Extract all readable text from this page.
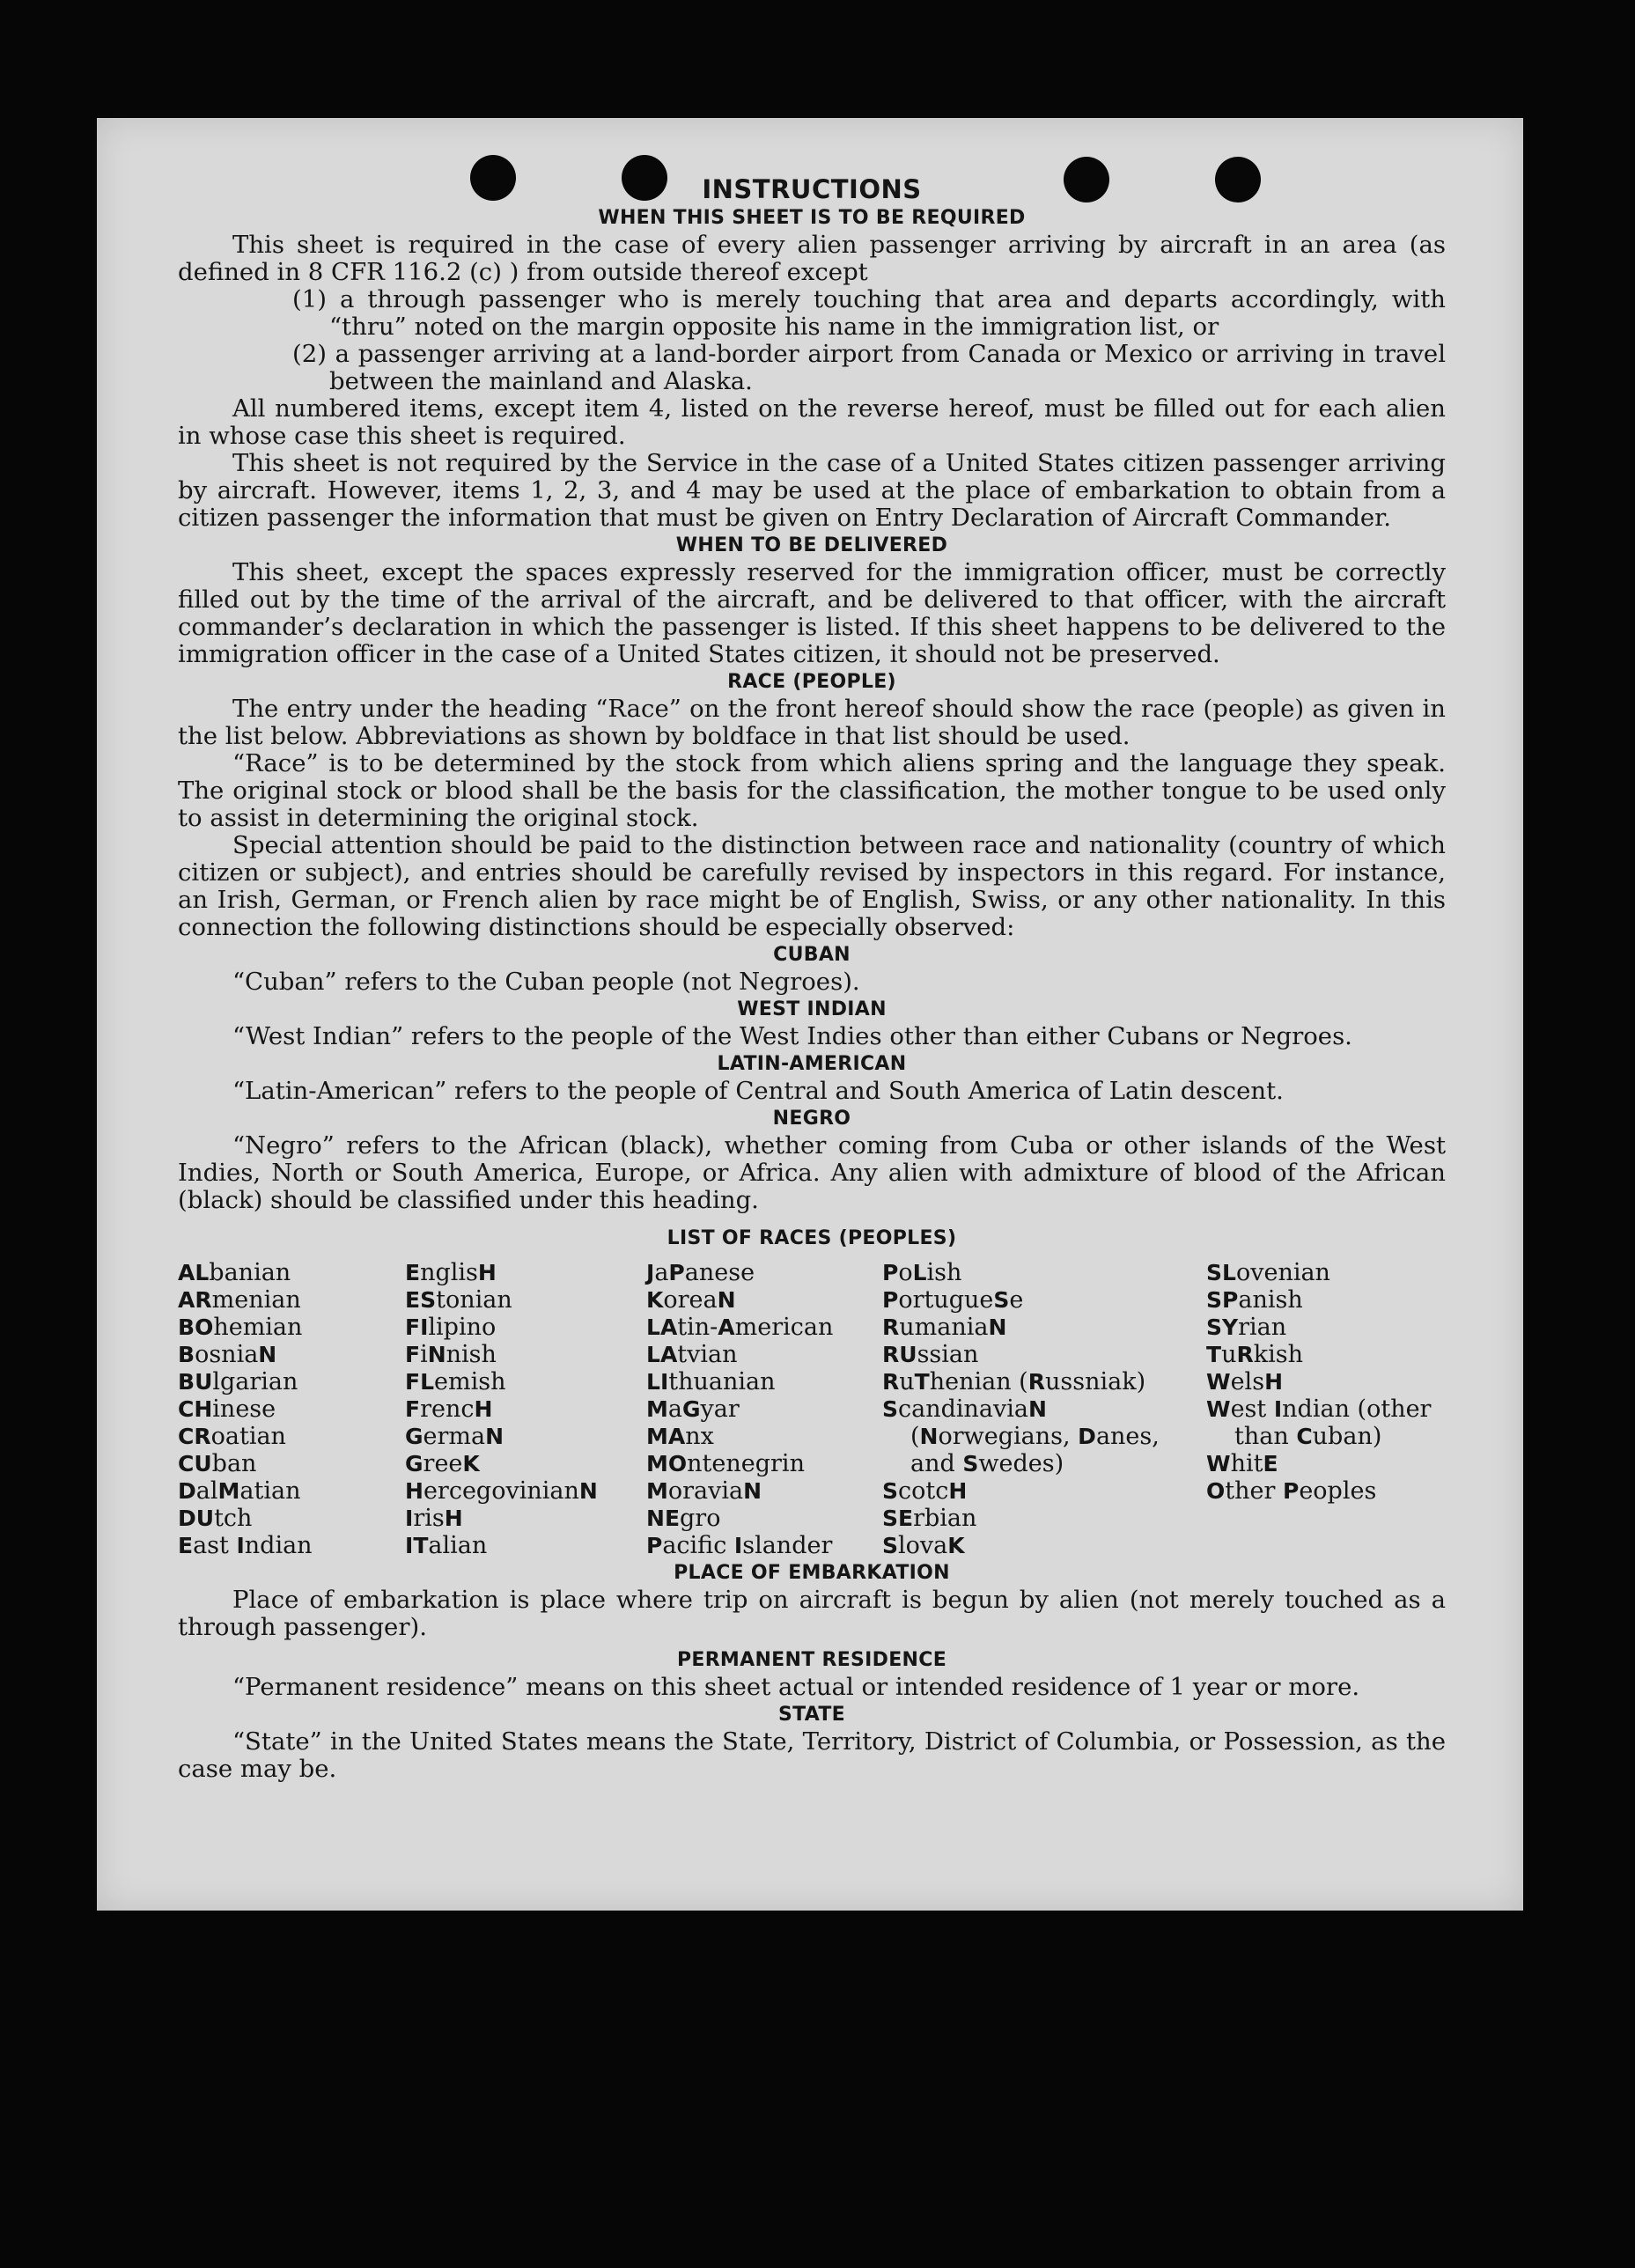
INSTRUCTIONS
WHEN THIS SHEET IS TO BE REQUIRED

This sheet is required in the case of every alien passenger arriving by aircraft in an area (as defined in 8 CFR 116.2 (c) ) from outside thereof except

(1) a through passenger who is merely touching that area and departs accordingly, with “thru” noted on the margin opposite his name in the immigration list, or

(2) a passenger arriving at a land-border airport from Canada or Mexico or arriving in travel between the mainland and Alaska.

All numbered items, except item 4, listed on the reverse hereof, must be filled out for each alien in whose case this sheet is required.

This sheet is not required by the Service in the case of a United States citizen passenger arriving by aircraft. However, items 1, 2, 3, and 4 may be used at the place of embarkation to obtain from a citizen passenger the information that must be given on Entry Declaration of Aircraft Commander.

WHEN TO BE DELIVERED

This sheet, except the spaces expressly reserved for the immigration officer, must be correctly filled out by the time of the arrival of the aircraft, and be delivered to that officer, with the aircraft commander’s declaration in which the passenger is listed. If this sheet happens to be delivered to the immigration officer in the case of a United States citizen, it should not be preserved.

RACE (PEOPLE)

The entry under the heading “Race” on the front hereof should show the race (people) as given in the list below. Abbreviations as shown by boldface in that list should be used.

“Race” is to be determined by the stock from which aliens spring and the language they speak. The original stock or blood shall be the basis for the classification, the mother tongue to be used only to assist in determining the original stock.

Special attention should be paid to the distinction between race and nationality (country of which citizen or subject), and entries should be carefully revised by inspectors in this regard. For instance, an Irish, German, or French alien by race might be of English, Swiss, or any other nationality. In this connection the following distinctions should be especially observed:

CUBAN

“Cuban” refers to the Cuban people (not Negroes).

WEST INDIAN

“West Indian” refers to the people of the West Indies other than either Cubans or Negroes.

LATIN-AMERICAN

“Latin-American” refers to the people of Central and South America of Latin descent.

NEGRO

“Negro” refers to the African (black), whether coming from Cuba or other islands of the West Indies, North or South America, Europe, or Africa. Any alien with admixture of blood of the African (black) should be classified under this heading.

LIST OF RACES (PEOPLES)
ALbanian
ARmenian
BOhemian
BosniaN
BUlgarian
CHinese
CRoatian
CUban
DalMatian
DUtch
East Indian
EnglisH
EStonian
FIlipino
FiNnish
FLemish
FrencH
GermaN
GreeK
HercegovinianN
IrisH
ITalian
JaPanese
KoreaN
LAtin-American
LAtvian
LIthuanian
MaGyar
MAnx
MOntenegrin
MoraviaN
NEgro
Pacific Islander
PoLish
PortugueSe
RumaniaN
RUssian
RuThenian (Russniak)
ScandinaviaN (Norwegians, Danes, and Swedes)
ScotcH
SErbian
SlovaK
SLovenian
SPanish
SYrian
TuRkish
WelsH
West Indian (other than Cuban)
WhitE
Other Peoples
PLACE OF EMBARKATION

Place of embarkation is place where trip on aircraft is begun by alien (not merely touched as a through passenger).

PERMANENT RESIDENCE

“Permanent residence” means on this sheet actual or intended residence of 1 year or more.

STATE

“State” in the United States means the State, Territory, District of Columbia, or Possession, as the case may be.
